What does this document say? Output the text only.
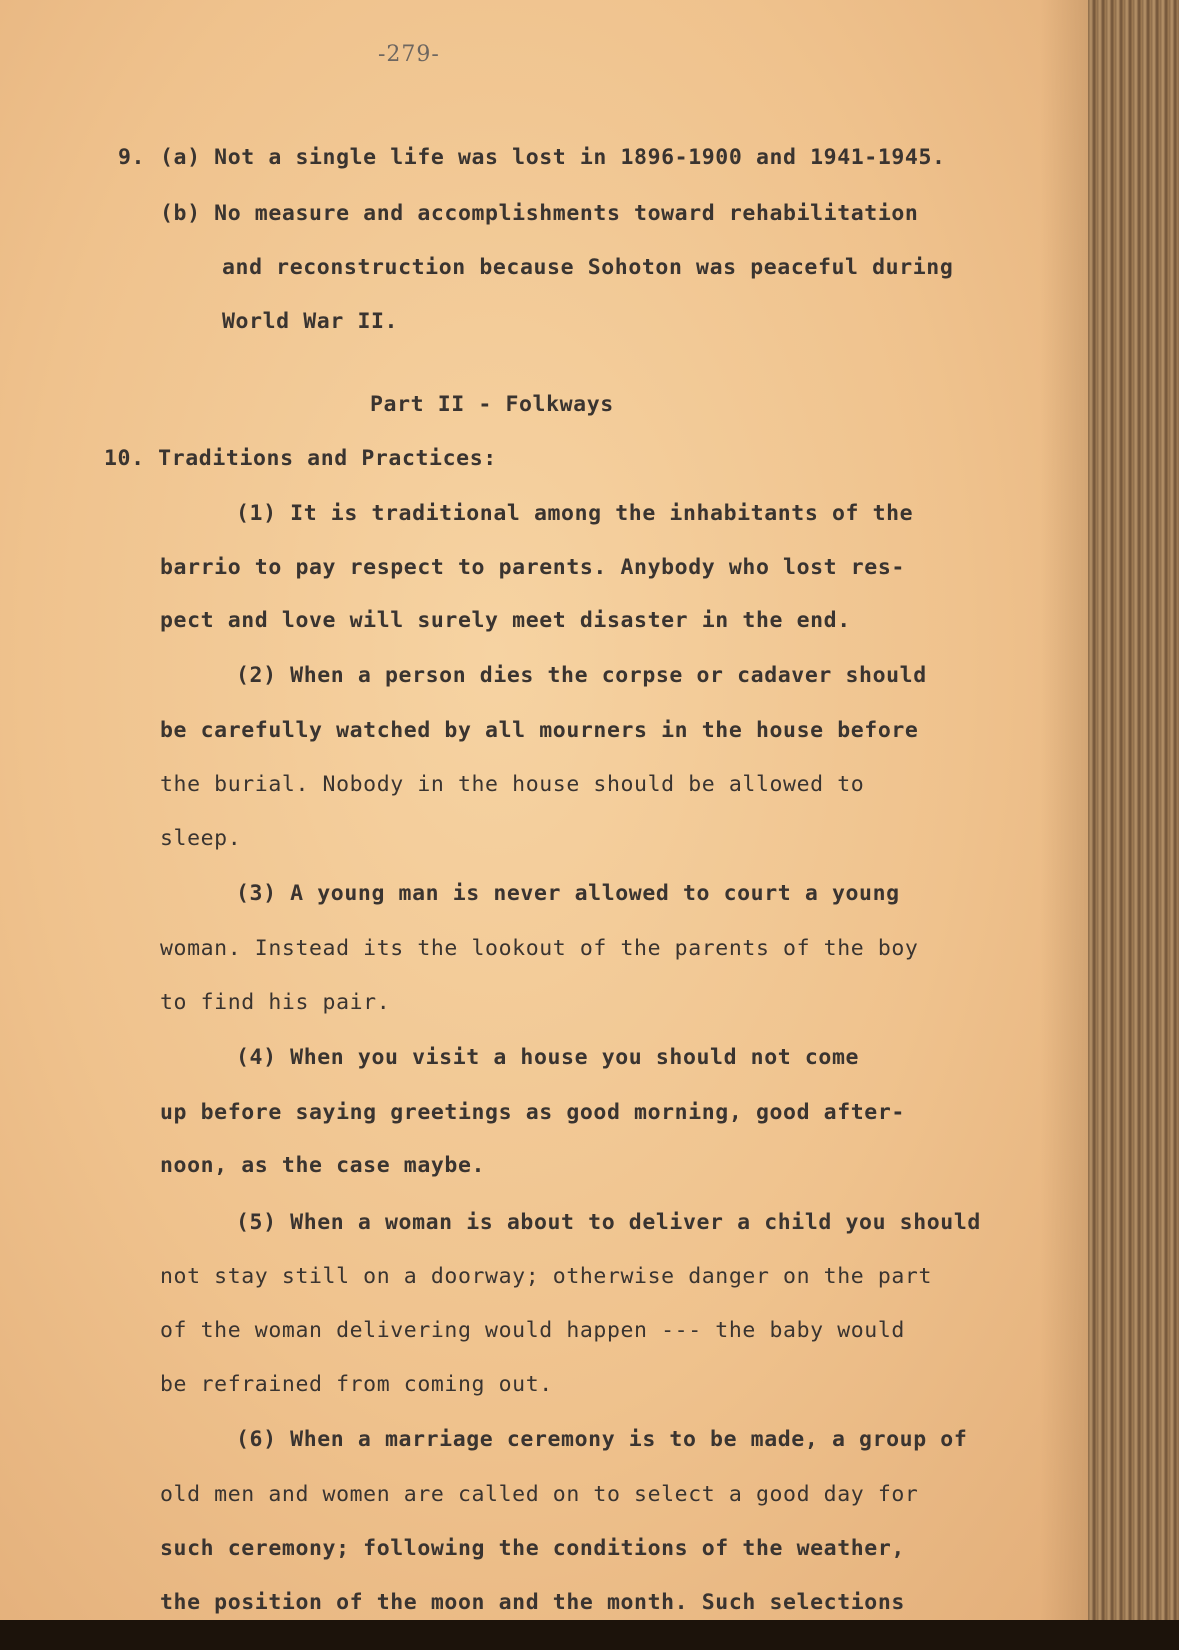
-279-
9. (a) Not a single life was lost in 1896-1900 and 1941-1945.
(b) No measure and accomplishments toward rehabilitation
and reconstruction because Sohoton was peaceful during
World War II.
Part II - Folkways
10. Traditions and Practices:
(1) It is traditional among the inhabitants of the
barrio to pay respect to parents. Anybody who lost res-
pect and love will surely meet disaster in the end.
(2) When a person dies the corpse or cadaver should
be carefully watched by all mourners in the house before
the burial. Nobody in the house should be allowed to
sleep.
(3) A young man is never allowed to court a young
woman. Instead its the lookout of the parents of the boy
to find his pair.
(4) When you visit a house you should not come
up before saying greetings as good morning, good after-
noon, as the case maybe.
(5) When a woman is about to deliver a child you should
not stay still on a doorway; otherwise danger on the part
of the woman delivering would happen --- the baby would
be refrained from coming out.
(6) When a marriage ceremony is to be made, a group of
old men and women are called on to select a good day for
such ceremony; following the conditions of the weather,
the position of the moon and the month. Such selections
